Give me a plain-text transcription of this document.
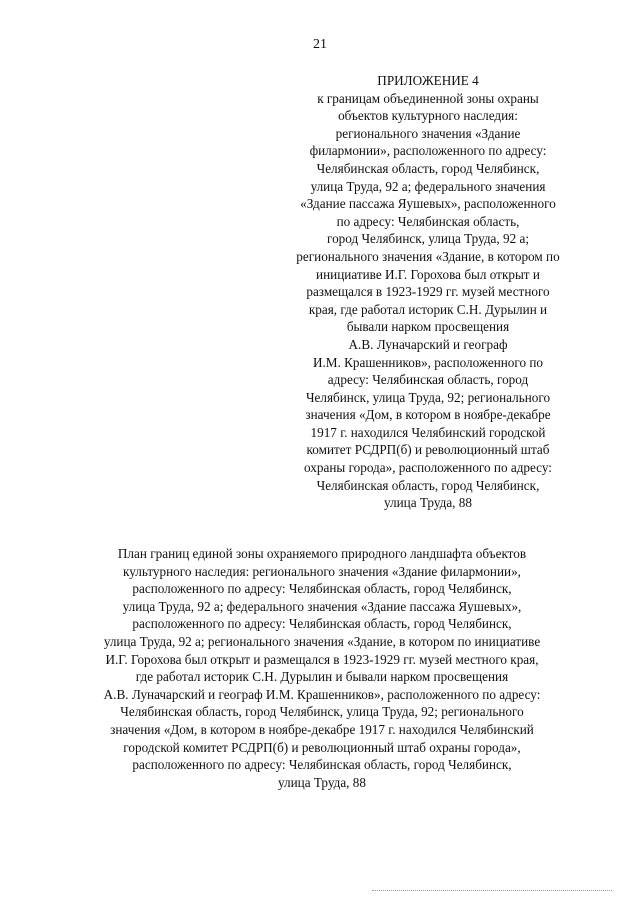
21
ПРИЛОЖЕНИЕ 4
к границам объединенной зоны охраны
объектов культурного наследия:
регионального значения «Здание
филармонии», расположенного по адресу:
Челябинская область, город Челябинск,
улица Труда, 92 а; федерального значения
«Здание пассажа Яушевых», расположенного
по адресу: Челябинская область,
город Челябинск, улица Труда, 92 а;
регионального значения «Здание, в котором по
инициативе И.Г. Горохова был открыт и
размещался в 1923-1929 гг. музей местного
края, где работал историк С.Н. Дурылин и
бывали нарком просвещения
А.В. Луначарский и географ
И.М. Крашенников», расположенного по
адресу: Челябинская область, город
Челябинск, улица Труда, 92; регионального
значения «Дом, в котором в ноябре-декабре
1917 г. находился Челябинский городской
комитет РСДРП(б) и революционный штаб
охраны города», расположенного по адресу:
Челябинская область, город Челябинск,
улица Труда, 88
План границ единой зоны охраняемого природного ландшафта объектов
культурного наследия: регионального значения «Здание филармонии»,
расположенного по адресу: Челябинская область, город Челябинск,
улица Труда, 92 а; федерального значения «Здание пассажа Яушевых»,
расположенного по адресу: Челябинская область, город Челябинск,
улица Труда, 92 а; регионального значения «Здание, в котором по инициативе
И.Г. Горохова был открыт и размещался в 1923-1929 гг. музей местного края,
где работал историк С.Н. Дурылин и бывали нарком просвещения
А.В. Луначарский и географ И.М. Крашенников», расположенного по адресу:
Челябинская область, город Челябинск, улица Труда, 92; регионального
значения «Дом, в котором в ноябре-декабре 1917 г. находился Челябинский
городской комитет РСДРП(б) и революционный штаб охраны города»,
расположенного по адресу: Челябинская область, город Челябинск,
улица Труда, 88
